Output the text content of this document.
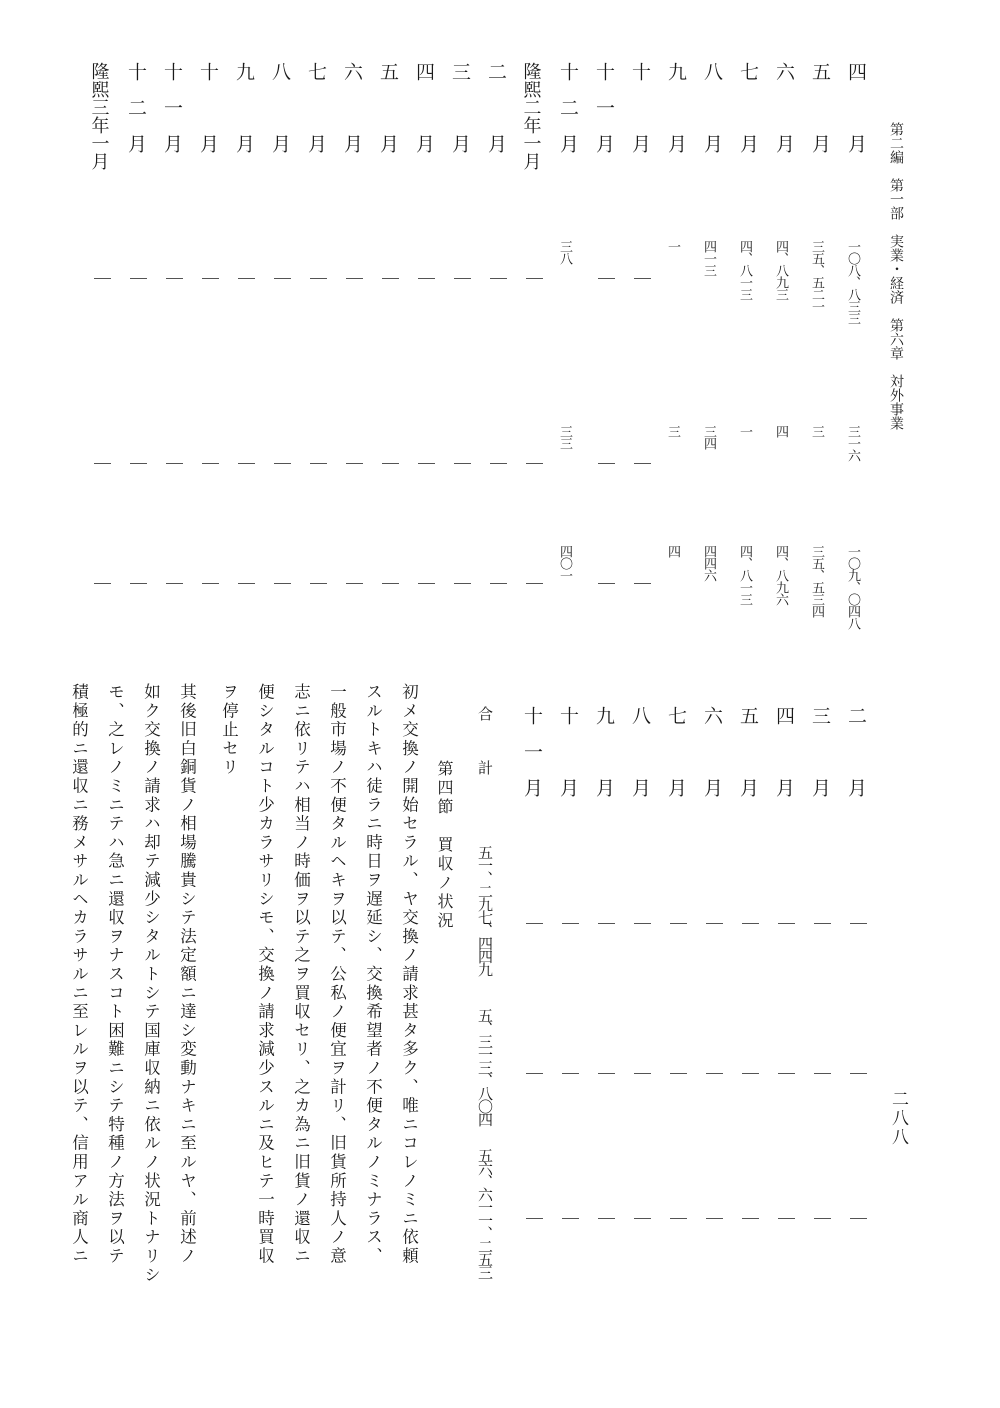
第二編　第一部　実業・経済　第六章　対外事業
二八八
四　月
一〇八、八三三
三一六
一〇九、〇四八
五　月
三五、五二一
三
三五、五三四
六　月
四、八九三
四
四、八九六
七　月
四、八一三
一
四、八一三
八　月
四一三
三四
四四六
九　月
一
三
四
十　月
｜
｜
｜
十一月
｜
｜
｜
十二月
三八
三三
四〇一
隆熙二年一月
｜
｜
｜
二　月
｜
｜
｜
三　月
｜
｜
｜
四　月
｜
｜
｜
五　月
｜
｜
｜
六　月
｜
｜
｜
七　月
｜
｜
｜
八　月
｜
｜
｜
九　月
｜
｜
｜
十　月
｜
｜
｜
十一月
｜
｜
｜
十二月
｜
｜
｜
隆熙三年一月
｜
｜
｜
二　月
｜
｜
｜
三　月
｜
｜
｜
四　月
｜
｜
｜
五　月
｜
｜
｜
六　月
｜
｜
｜
七　月
｜
｜
｜
八　月
｜
｜
｜
九　月
｜
｜
｜
十　月
｜
｜
｜
十一月
｜
｜
｜
合　計
五一、二九七、四四九
五、三一三、八〇四
五六、六一一、二五三
第四節　買収ノ状況
初メ交換ノ開始セラル、ヤ交換ノ請求甚タ多ク、唯ニコレノミニ依頼
スルトキハ徒ラニ時日ヲ遅延シ、交換希望者ノ不便タルノミナラス、
一般市場ノ不便タルヘキヲ以テ、公私ノ便宜ヲ計リ、旧貨所持人ノ意
志ニ依リテハ相当ノ時価ヲ以テ之ヲ買収セリ、之カ為ニ旧貨ノ還収ニ
便シタルコト少カラサリシモ、交換ノ請求減少スルニ及ヒテ一時買収
ヲ停止セリ
其後旧白銅貨ノ相場騰貴シテ法定額ニ達シ変動ナキニ至ルヤ、前述ノ
如ク交換ノ請求ハ却テ減少シタルトシテ国庫収納ニ依ルノ状況トナリシ
モ、之レノミニテハ急ニ還収ヲナスコト困難ニシテ特種ノ方法ヲ以テ
積極的ニ還収ニ務メサルヘカラサルニ至レルヲ以テ、信用アル商人ニ
